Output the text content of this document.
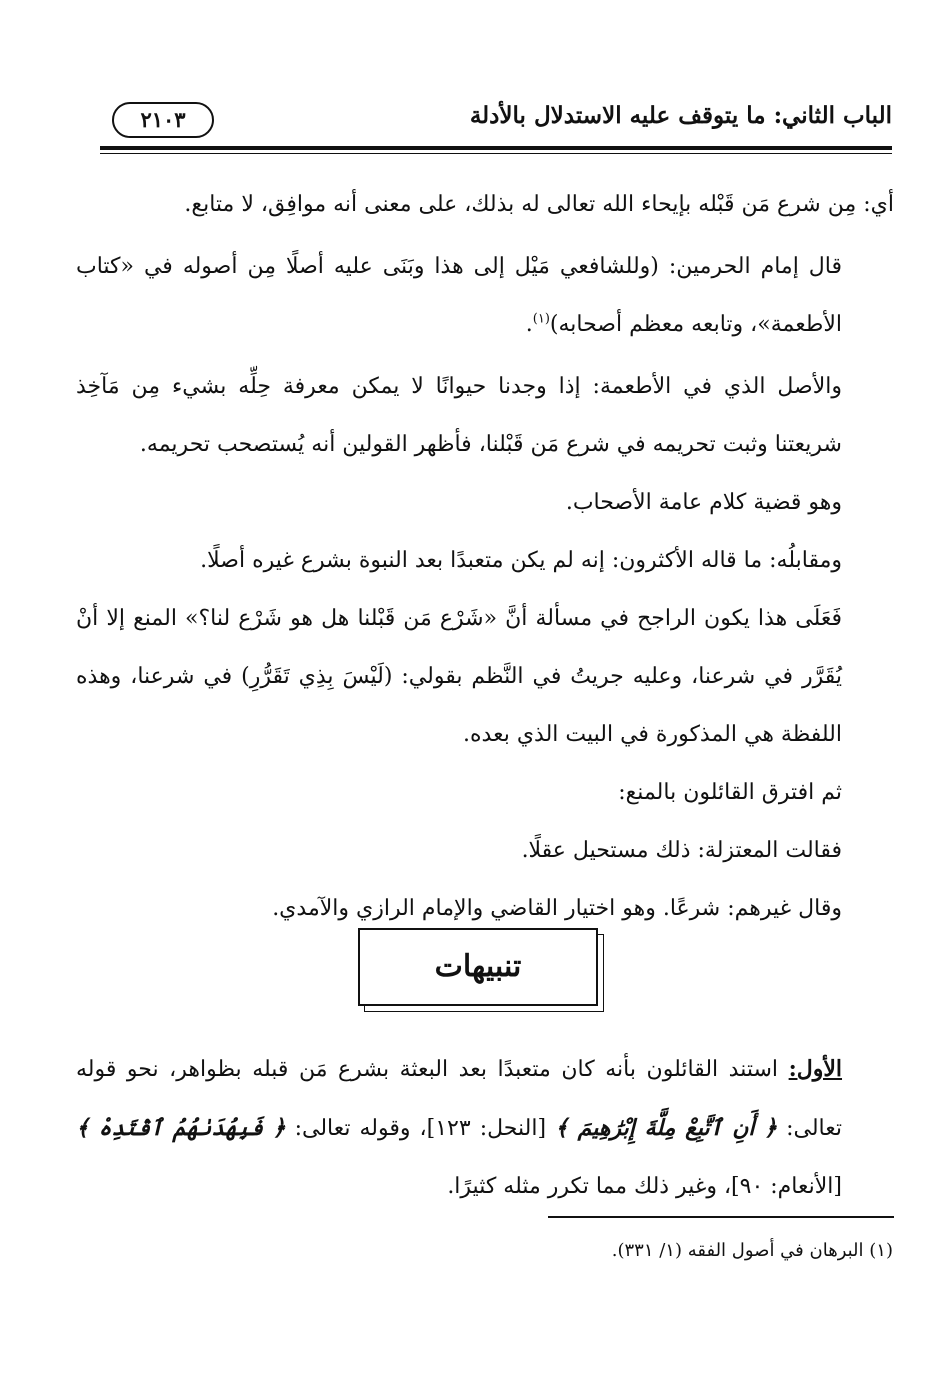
الباب الثاني: ما يتوقف عليه الاستدلال بالأدلة
٢١٠٣

أي: مِن شرع مَن قَبْله بإيحاء الله تعالى له بذلك، على معنى أنه موافِق، لا متابع.

قال إمام الحرمين: (وللشافعي مَيْل إلى هذا وبَنَى عليه أصلًا مِن أصوله في «كتاب الأطعمة»، وتابعه معظم أصحابه)$^{(١)}$.

والأصل الذي في الأطعمة: إذا وجدنا حيوانًا لا يمكن معرفة حِلِّه بشيء مِن مَآخِذ شريعتنا وثبت تحريمه في شرع مَن قَبْلنا، فأظهر القولين أنه يُستصحب تحريمه.

وهو قضية كلام عامة الأصحاب.

ومقابلُه: ما قاله الأكثرون: إنه لم يكن متعبدًا بعد النبوة بشرع غيره أصلًا.

فَعَلَى هذا يكون الراجح في مسألة أنَّ «شَرْع مَن قَبْلنا هل هو شَرْع لنا؟» المنع إلا أنْ يُقَرَّر في شرعنا، وعليه جريتُ في النَّظم بقولي: (لَيْسَ بِذِي تَقَرُّرِ) في شرعنا، وهذه اللفظة هي المذكورة في البيت الذي بعده.

ثم افترق القائلون بالمنع:

فقالت المعتزلة: ذلك مستحيل عقلًا.

وقال غيرهم: شرعًا. وهو اختيار القاضي والإمام الرازي والآمدي.

تنبيهات

الأول: استند القائلون بأنه كان متعبدًا بعد البعثة بشرع مَن قبله بظواهر، نحو قوله تعالى: ﴿ أَنِ ٱتَّبِعْ مِلَّةَ إِبْرَٰهِيمَ ﴾ [النحل: ١٢٣]، وقوله تعالى: ﴿ فَبِهُدَىٰهُمُ ٱقْتَدِهْ ﴾ [الأنعام: ٩٠]، وغير ذلك مما تكرر مثله كثيرًا.

(١) البرهان في أصول الفقه (١/ ٣٣١).
